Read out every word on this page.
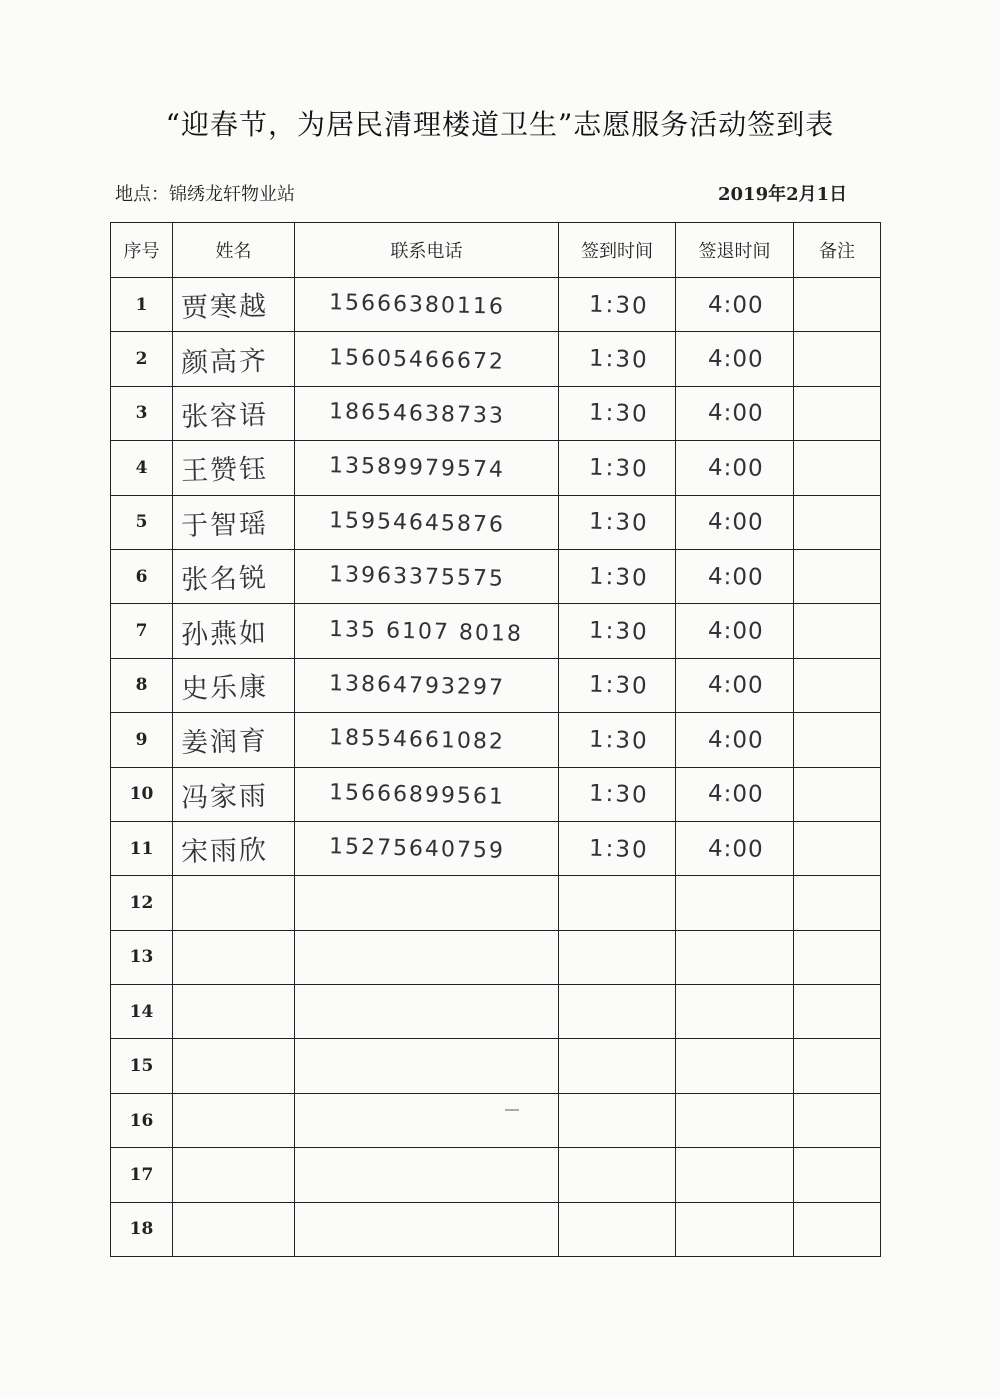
“迎春节，为居民清理楼道卫生”志愿服务活动签到表
地点：锦绣龙轩物业站	2019年2月1日
序号	姓名	联系电话	签到时间	签退时间	备注
1	贾寒越	15666380116	1:30	4:00	
2	颜高齐	15605466672	1:30	4:00	
3	张容语	18654638733	1:30	4:00	
4	王赞钰	13589979574	1:30	4:00	
5	于智瑶	15954645876	1:30	4:00	
6	张名锐	13963375575	1:30	4:00	
7	孙燕如	135 6107 8018	1:30	4:00	
8	史乐康	13864793297	1:30	4:00	
9	姜润育	18554661082	1:30	4:00	
10	冯家雨	15666899561	1:30	4:00	
11	宋雨欣	15275640759	1:30	4:00	
12					
13					
14					
15					
16					
17					
18					
